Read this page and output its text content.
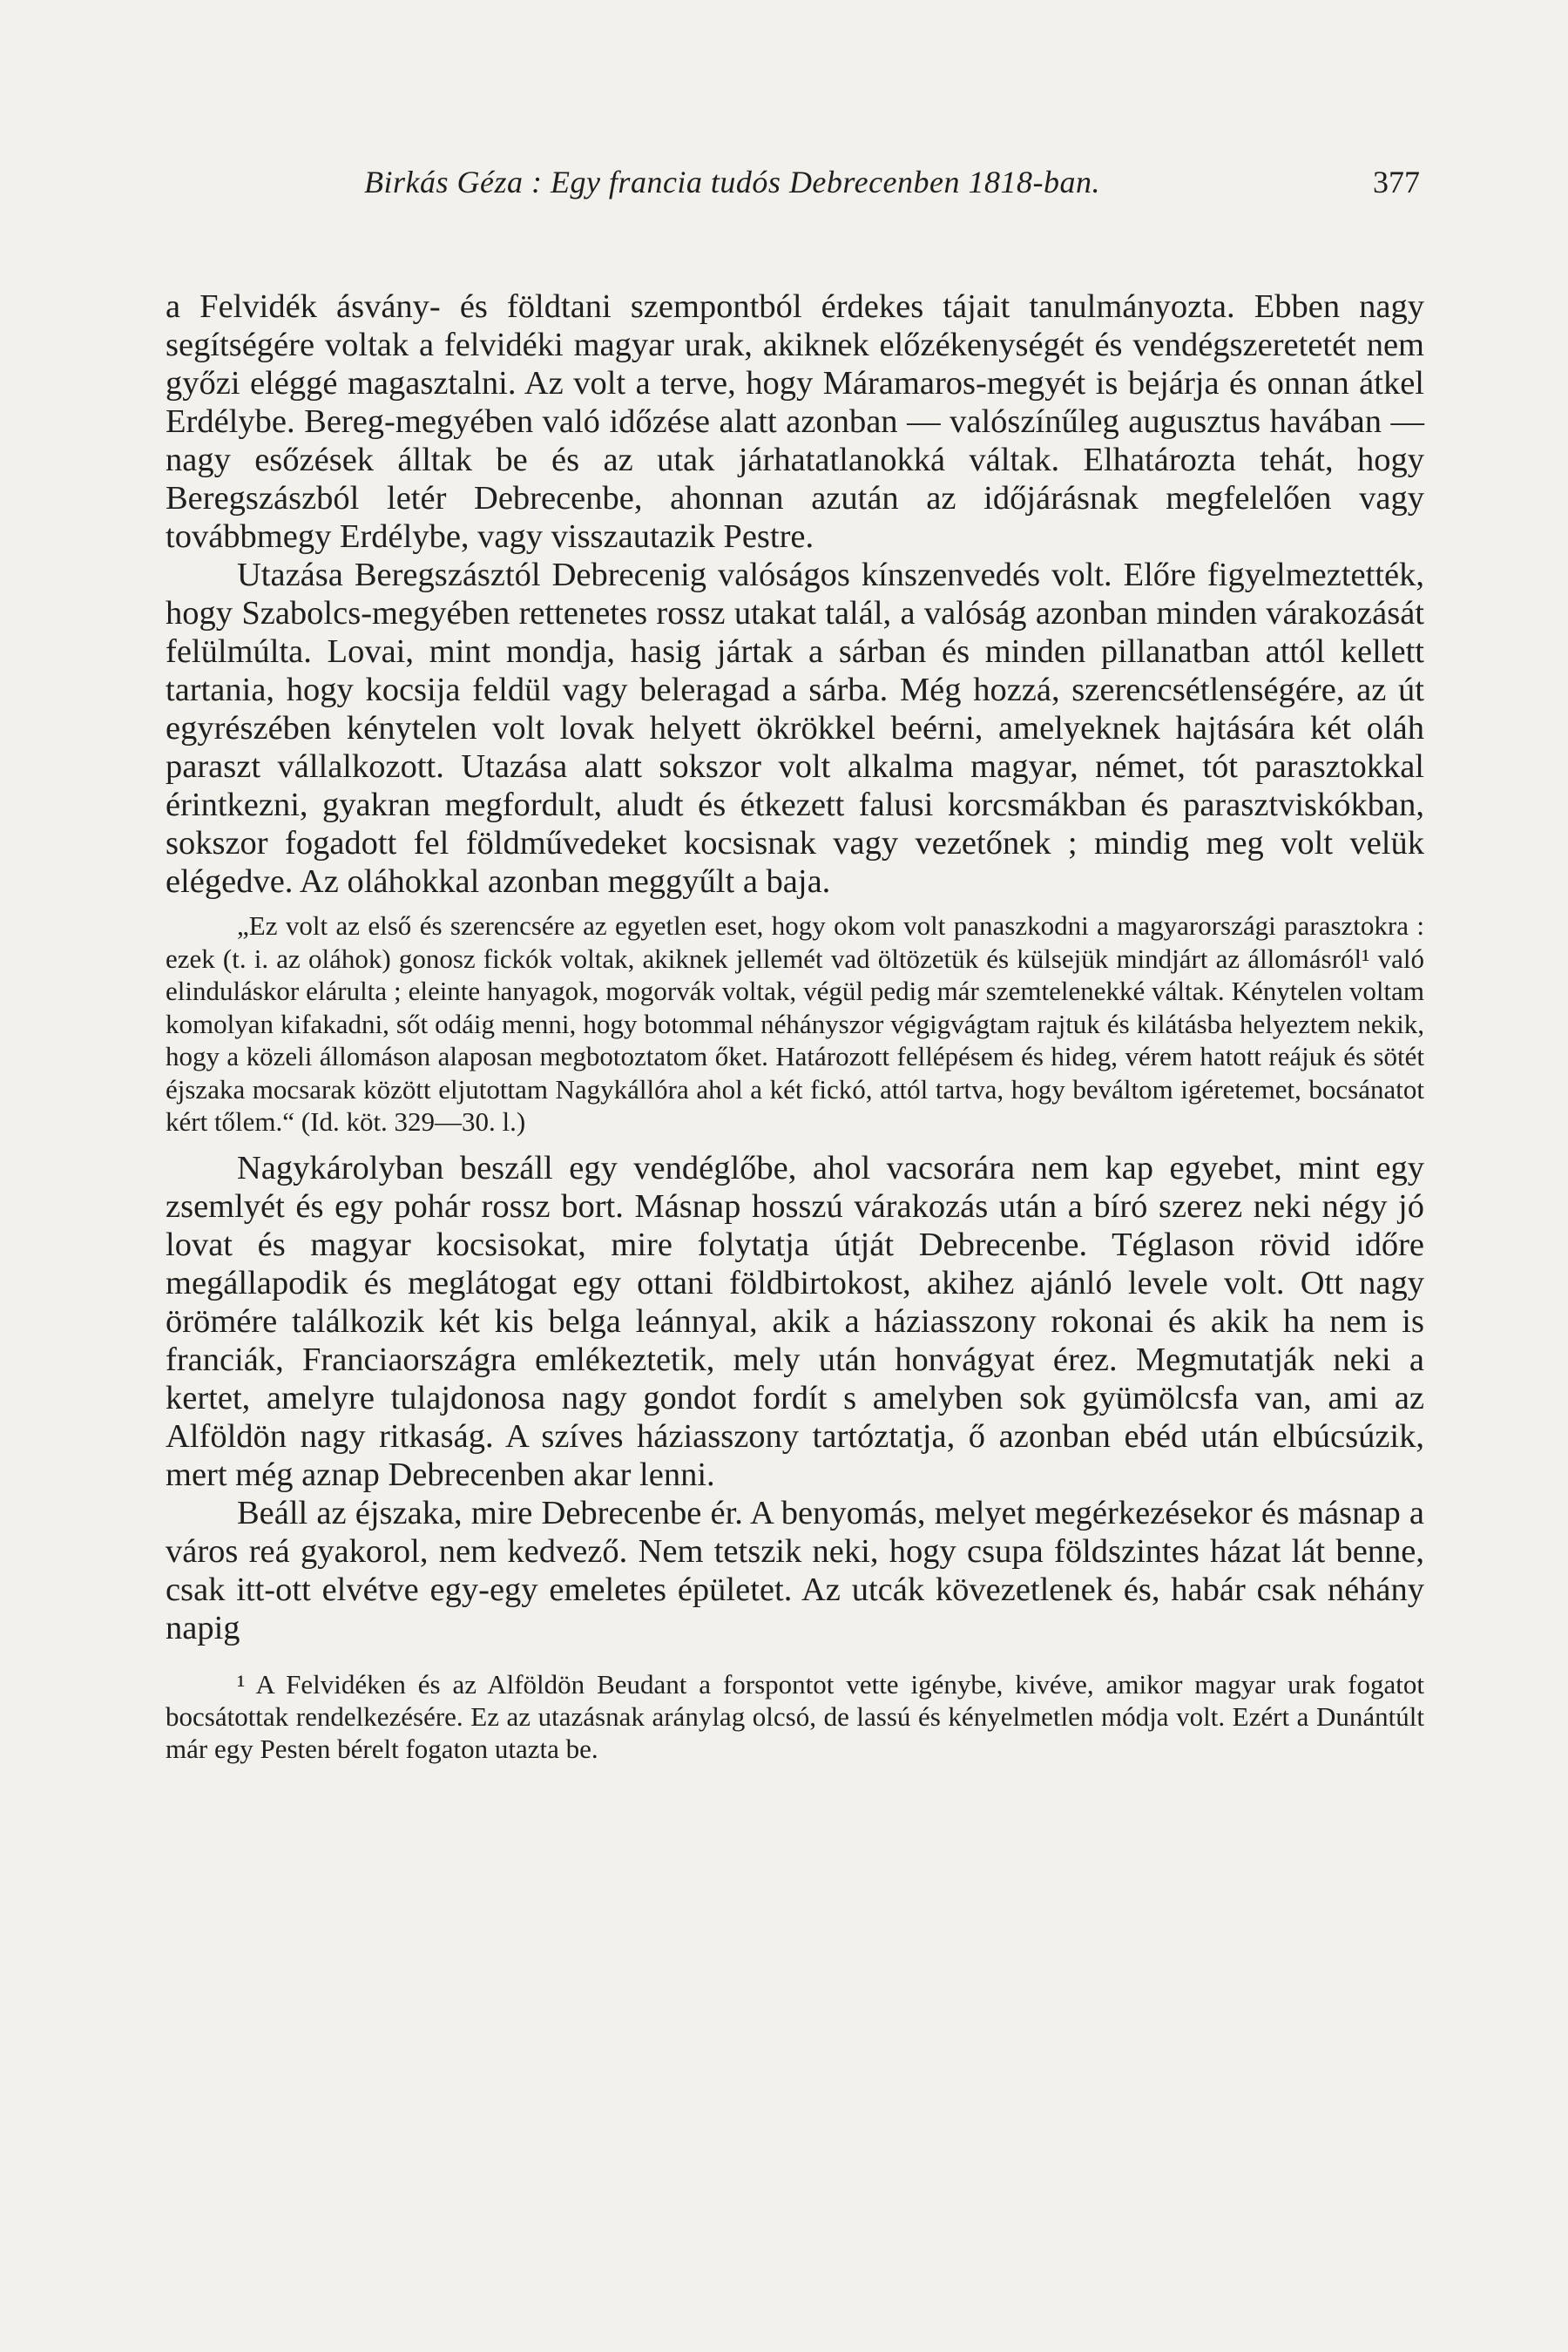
Birkás Géza : Egy francia tudós Debrecenben 1818-ban.	377

a Felvidék ásvány- és földtani szempontból érdekes tájait tanulmányozta. Ebben nagy segítségére voltak a felvidéki magyar urak, akiknek előzékenységét és vendégszeretetét nem győzi eléggé magasztalni. Az volt a terve, hogy Máramaros-megyét is bejárja és onnan átkel Erdélybe. Bereg-megyében való időzése alatt azonban — valószínűleg augusztus havában — nagy esőzések álltak be és az utak járhatatlanokká váltak. Elhatározta tehát, hogy Beregszászból letér Debrecenbe, ahonnan azután az időjárásnak megfelelően vagy továbbmegy Erdélybe, vagy visszautazik Pestre.

Utazása Beregszásztól Debrecenig valóságos kínszenvedés volt. Előre figyelmeztették, hogy Szabolcs-megyében rettenetes rossz utakat talál, a valóság azonban minden várakozását felülmúlta. Lovai, mint mondja, hasig jártak a sárban és minden pillanatban attól kellett tartania, hogy kocsija feldül vagy beleragad a sárba. Még hozzá, szerencsétlenségére, az út egyrészében kénytelen volt lovak helyett ökrökkel beérni, amelyeknek hajtására két oláh paraszt vállalkozott. Utazása alatt sokszor volt alkalma magyar, német, tót parasztokkal érintkezni, gyakran megfordult, aludt és étkezett falusi korcsmákban és parasztviskókban, sokszor fogadott fel földművedeket kocsisnak vagy vezetőnek ; mindig meg volt velük elégedve. Az oláhokkal azonban meggyűlt a baja.

„Ez volt az első és szerencsére az egyetlen eset, hogy okom volt panaszkodni a magyarországi parasztokra : ezek (t. i. az oláhok) gonosz fickók voltak, akiknek jellemét vad öltözetük és külsejük mindjárt az állomásról¹ való elinduláskor elárulta ; eleinte hanyagok, mogorvák voltak, végül pedig már szemtelenekké váltak. Kénytelen voltam komolyan kifakadni, sőt odáig menni, hogy botommal néhányszor végigvágtam rajtuk és kilátásba helyeztem nekik, hogy a közeli állomáson alaposan megbotoztatom őket. Határozott fellépésem és hideg, vérem hatott reájuk és sötét éjszaka mocsarak között eljutottam Nagykállóra ahol a két fickó, attól tartva, hogy beváltom igéretemet, bocsánatot kért tőlem.“ (Id. köt. 329—30. l.)

Nagykárolyban beszáll egy vendéglőbe, ahol vacsorára nem kap egyebet, mint egy zsemlyét és egy pohár rossz bort. Másnap hosszú várakozás után a bíró szerez neki négy jó lovat és magyar kocsisokat, mire folytatja útját Debrecenbe. Téglason rövid időre megállapodik és meglátogat egy ottani földbirtokost, akihez ajánló levele volt. Ott nagy örömére találkozik két kis belga leánnyal, akik a háziasszony rokonai és akik ha nem is franciák, Franciaországra emlékeztetik, mely után honvágyat érez. Megmutatják neki a kertet, amelyre tulajdonosa nagy gondot fordít s amelyben sok gyümölcsfa van, ami az Alföldön nagy ritkaság. A szíves háziasszony tartóztatja, ő azonban ebéd után elbúcsúzik, mert még aznap Debrecenben akar lenni.

Beáll az éjszaka, mire Debrecenbe ér. A benyomás, melyet megérkezésekor és másnap a város reá gyakorol, nem kedvező. Nem tetszik neki, hogy csupa földszintes házat lát benne, csak itt-ott elvétve egy-egy emeletes épületet. Az utcák kövezetlenek és, habár csak néhány napig

¹ A Felvidéken és az Alföldön Beudant a forspontot vette igénybe, kivéve, amikor magyar urak fogatot bocsátottak rendelkezésére. Ez az utazásnak aránylag olcsó, de lassú és kényelmetlen módja volt. Ezért a Dunántúlt már egy Pesten bérelt fogaton utazta be.
